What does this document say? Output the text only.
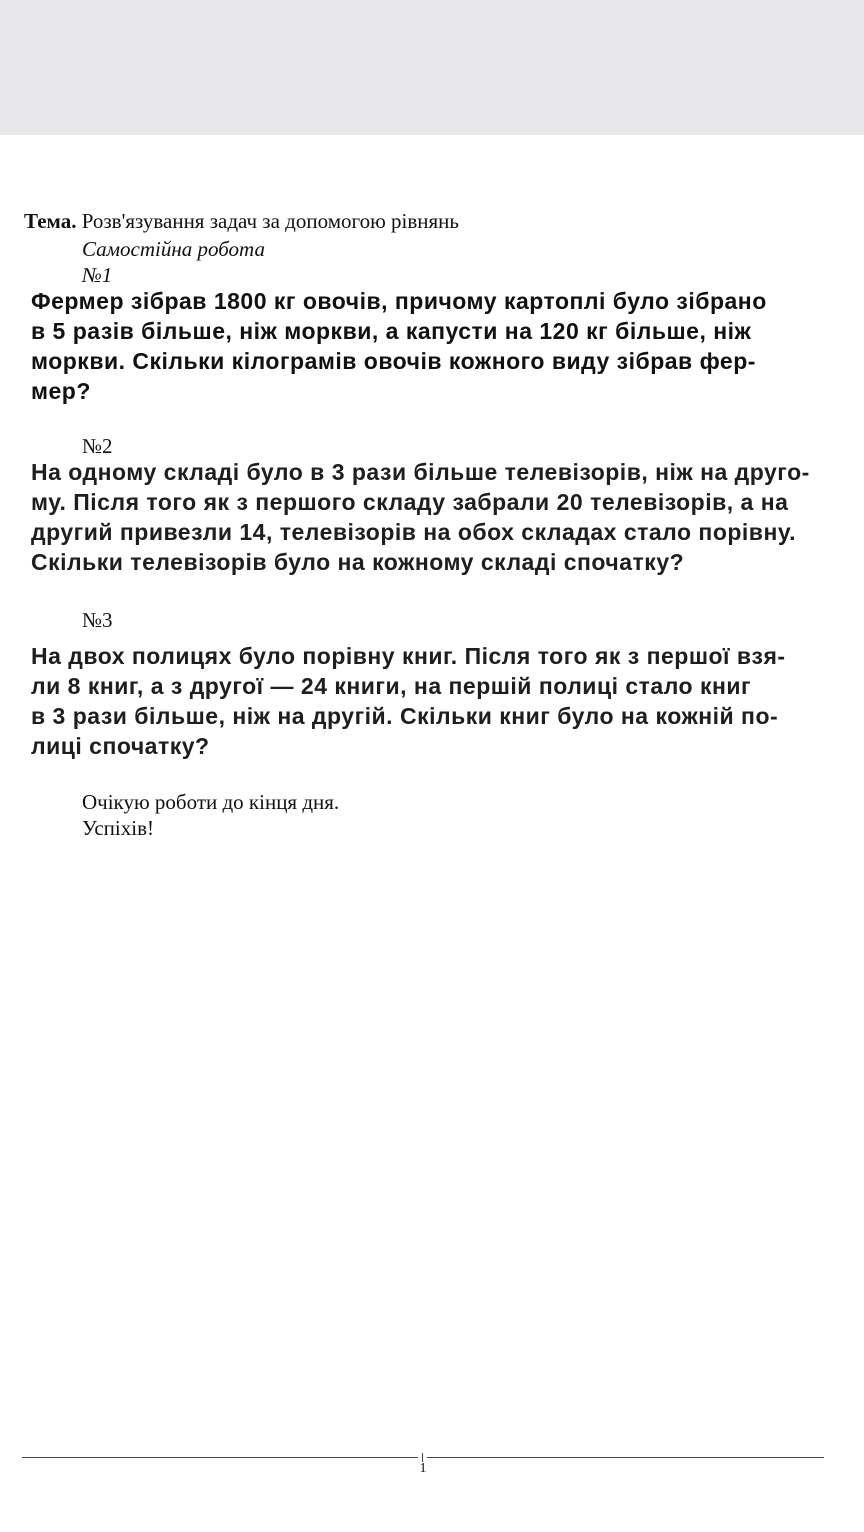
Тема. Розв'язування задач за допомогою рівнянь
Самостійна робота
№1

Фермер зібрав 1800 кг овочів, причому картоплі було зібрано
в 5 разів більше, ніж моркви, а капусти на 120 кг більше, ніж
моркви. Скільки кілограмів овочів кожного виду зібрав фер-
мер?

№2

На одному складі було в 3 рази більше телевізорів, ніж на друго-
му. Після того як з першого складу забрали 20 телевізорів, а на
другий привезли 14, телевізорів на обох складах стало порівну.
Скільки телевізорів було на кожному складі спочатку?

№3

На двох полицях було порівну книг. Після того як з першої взя-
ли 8 книг, а з другої — 24 книги, на першій полиці стало книг
в 3 рази більше, ніж на другій. Скільки книг було на кожній по-
лиці спочатку?

Очікую роботи до кінця дня.
Успіхів!
1
